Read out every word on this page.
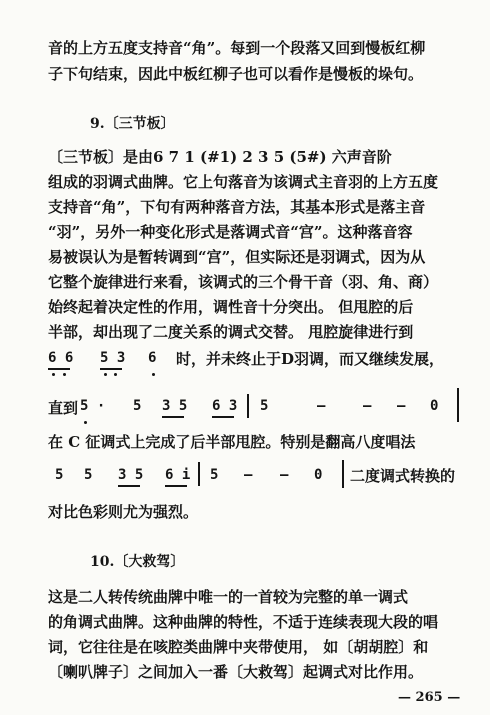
音的上方五度支持音“角”。每到一个段落又回到慢板红柳
子下句结束，因此中板红柳子也可以看作是慢板的垛句。
9.〔三节板〕
〔三节板〕是由6 7 1 (#1) 2 3 5 (5#) 六声音阶
组成的羽调式曲牌。它上句落音为该调式主音羽的上方五度
支持音“角”，下句有两种落音方法，其基本形式是落主音
“羽”，另外一种变化形式是落调式音“宫”。这种落音容
易被误认为是暂转调到“宫”，但实际还是羽调式，因为从
它整个旋律进行来看，该调式的三个骨干音（羽、角、商）
始终起着决定性的作用，调性音十分突出。 但甩腔的后
半部，却出现了二度关系的调式交替。 甩腔旋律进行到
6 6 5 3 6 时，并未终止于D羽调，而又继续发展，
直到 5 · 5 3 5 6 3 5	—	— — 0
在 C 征调式上完成了后半部甩腔。特别是翻高八度唱法
5 5 3 5 6 i 5 — — 0 二度调式转换的
对比色彩则尤为强烈。
10.〔大救驾〕
这是二人转传统曲牌中唯一的一首较为完整的单一调式
的角调式曲牌。这种曲牌的特性，不适于连续表现大段的唱
词，它往往是在咳腔类曲牌中夹带使用， 如〔胡胡腔〕和
〔喇叭牌子〕之间加入一番〔大救驾〕起调式对比作用。
— 265 —
